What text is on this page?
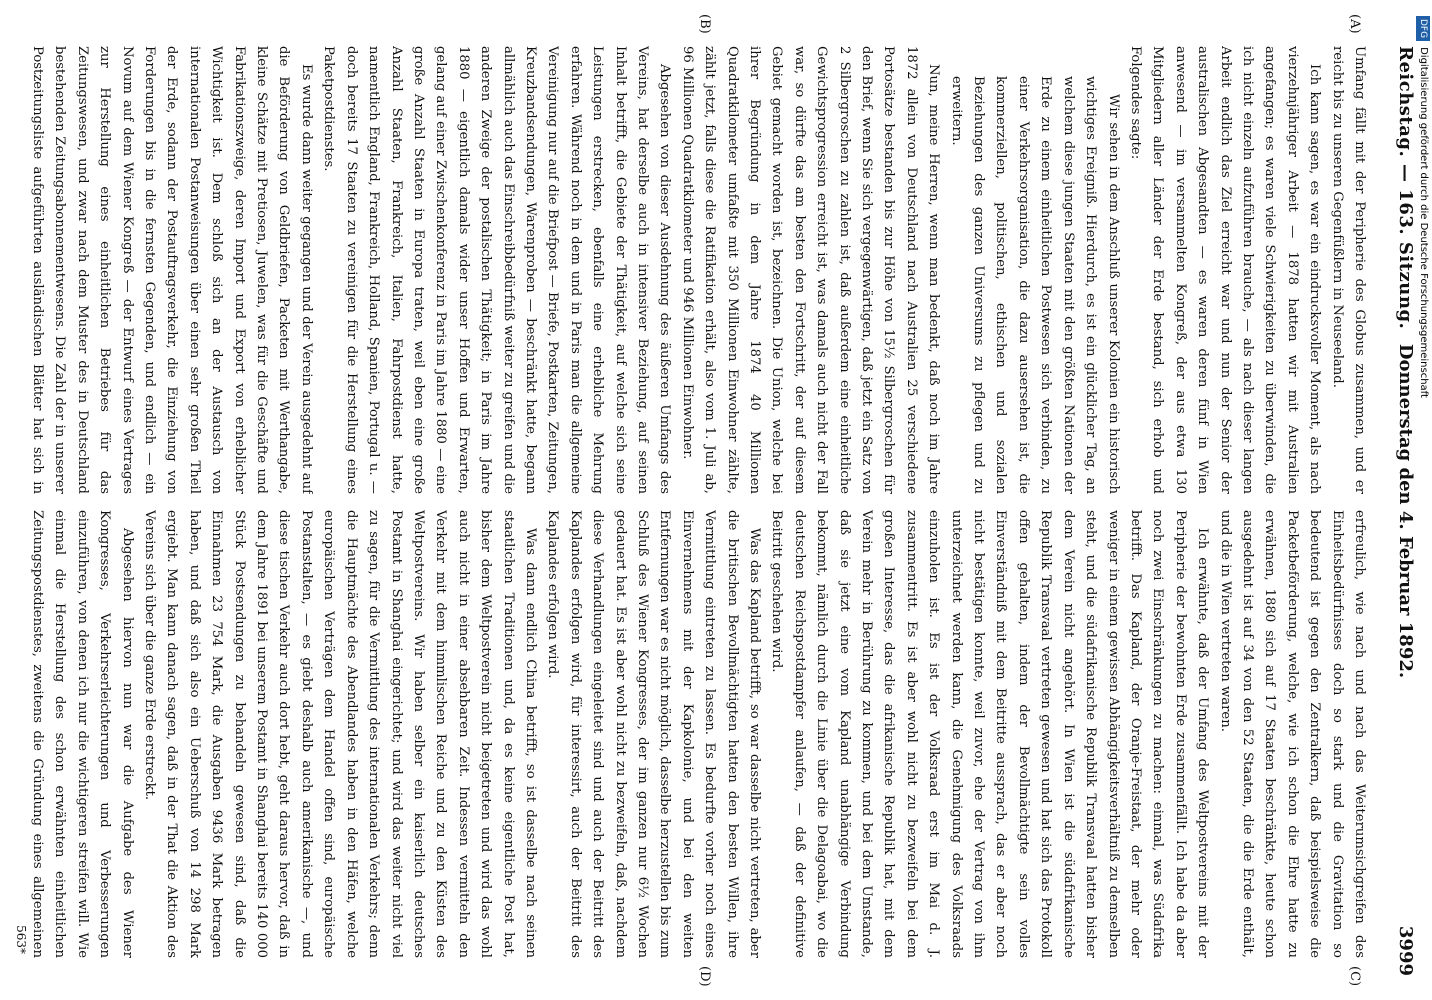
Reichstag. — 163. Sitzung.
Donnerstag den 4. Februar 1892.
3999
(A)
(B)
(C)
(D)

Umfang fällt mit der Peripherie des Globus zusammen, und er reicht bis zu unseren Gegenfüßlern in Neuseeland.

Ich kann sagen, es war ein eindrucksvoller Moment, als nach vierzehnjähriger Arbeit — 1878 hatten wir mit Australien angefangen; es waren viele Schwierigkeiten zu überwinden, die ich nicht einzeln aufzuführen brauche, — als nach dieser langen Arbeit endlich das Ziel erreicht war und nun der Senior der australischen Abgesandten — es waren deren fünf in Wien anwesend — im versammelten Kongreß, der aus etwa 130 Mitgliedern aller Länder der Erde bestand, sich erhob und Folgendes sagte:

Wir sehen in dem Anschluß unserer Kolonien ein historisch wichtiges Ereigniß. Hierdurch, es ist ein glücklicher Tag, an welchem diese jungen Staaten mit den größten Nationen der Erde zu einem einheitlichen Postwesen sich verbinden, zu einer Verkehrsorganisation, die dazu ausersehen ist, die kommerziellen, politischen, ethischen und sozialen Beziehungen des ganzen Universums zu pflegen und zu erweitern.

Nun, meine Herren, wenn man bedenkt, daß noch im Jahre 1872 allein von Deutschland nach Australien 25 verschiedene Portosätze bestanden bis zur Höhe von 15½ Silbergroschen für den Brief, wenn Sie sich vergegenwärtigen, daß jetzt ein Satz von 2 Silbergroschen zu zahlen ist, daß außerdem eine einheitliche Gewichtsprogression erreicht ist, was damals auch nicht der Fall war, so dürfte das am besten den Fortschritt, der auf diesem Gebiet gemacht worden ist, bezeichnen. Die Union, welche bei ihrer Begründung in dem Jahre 1874 40 Millionen Quadratkilometer umfaßte mit 350 Millionen Einwohner zählte, zählt jetzt, falls diese die Ratifikation erhält, also vom 1. Juli ab, 96 Millionen Quadratkilometer und 946 Millionen Einwohner.

Abgesehen von dieser Ausdehnung des äußeren Umfangs des Vereins, hat derselbe auch in intensiver Beziehung, auf seinen Inhalt betrifft, die Gebiete der Thätigkeit, auf welche sich seine Leistungen erstrecken, ebenfalls eine erhebliche Mehrung erfahren. Während noch in dem und in Paris man die allgemeine Vereinigung nur auf die Briefpost — Briefe, Postkarten, Zeitungen, Kreuzbandsendungen, Warenproben — beschränkt hatte, begann allmählich auch das Einschreibbedürfniß weiter zu greifen und die anderen Zweige der postalischen Thätigkeit; in Paris im Jahre 1880 — eigentlich damals wider unser Hoffen und Erwarten, gelang auf einer Zwischenkonferenz in Paris im Jahre 1880 — eine große Anzahl Staaten in Europa traten, weil eben eine große Anzahl Staaten, Frankreich, Italien, Fahrpostdienst hatte, namentlich England, Frankreich, Holland, Spanien, Portugal u. — doch bereits 17 Staaten zu vereinigen für die Herstellung eines Paketpostdienstes.

Es wurde dann weiter gegangen und der Verein ausgedehnt auf die Beförderung von Geldbriefen, Packeten mit Werthangabe, kleine Schätze mit Pretiosen, Juwelen, was für die Geschäfte und Fabrikationszweige, deren Import und Export von erheblicher Wichtigkeit ist. Dem schloß sich an der Austausch von internationalen Postanweisungen über einen sehr großen Theil der Erde, sodann der Postauftragsverkehr, die Einziehung von Forderungen bis in die fernsten Gegenden, und endlich — ein Novum auf dem Wiener Kongreß — der Entwurf eines Vertrages zur Herstellung eines einheitlichen Betriebes für das Zeitungswesen, und zwar nach dem Muster des in Deutschland bestehenden Zeitungsabonnementwesens. Die Zahl der in unserer Postzeitungsliste aufgeführten ausländischen Blätter hat sich in

erfreulich, wie nach und nach das Weiterumsichgreifen des Einheitsbedürfnisses doch so stark und die Gravitation so bedeutend ist gegen den Zentralkern, daß beispielsweise die Packetbeförderung, welche, wie ich schon die Ehre hatte zu erwähnen, 1880 sich auf 17 Staaten beschränkte, heute schon ausgedehnt ist auf 34 von den 52 Staaten, die die Erde enthält, und die in Wien vertreten waren.

Ich erwähnte, daß der Umfang des Weltpostvereins mit der Peripherie der bewohnten Erde zusammenfällt. Ich habe da aber noch zwei Einschränkungen zu machen: einmal, was Südafrika betrifft. Das Kapland, der Oranje-Freistaat, der mehr oder weniger in einem gewissen Abhängigkeitsverhältniß zu demselben steht, und die südafrikanische Republik Transvaal hatten bisher dem Verein nicht angehört. In Wien ist die südafrikanische Republik Transvaal vertreten gewesen und hat sich das Protokoll offen gehalten, indem der Bevollmächtigte sein volles Einverständniß mit dem Beitritte aussprach, das er aber noch nicht bestätigen konnte, weil zuvor, ehe der Vertrag von ihm unterzeichnet werden kann, die Genehmigung des Volksraads einzuholen ist. Es ist der Volksraad erst im Mai d. J. zusammentritt. Es ist aber wohl nicht zu bezweifeln bei dem großen Interesse, das die afrikanische Republik hat, mit dem Verein mehr in Berührung zu kommen, und bei dem Umstande, daß sie jetzt eine vom Kapland unabhängige Verbindung bekommt, nämlich durch die Linie über die Delagoabai, wo die deutschen Reichspostdampfer anlaufen, — daß der definitive Beitritt geschehen wird.

Was das Kapland betrifft, so war dasselbe nicht vertreten, aber die britischen Bevollmächtigten hatten den besten Willen, ihre Vermittlung eintreten zu lassen. Es bedurfte vorher noch eines Einvernehmens mit der Kapkolonie, und bei den weiten Entfernungen war es nicht möglich, dasselbe herzustellen bis zum Schluß des Wiener Kongresses, der im ganzen nur 6½ Wochen gedauert hat. Es ist aber wohl nicht zu bezweifeln, daß, nachdem diese Verhandlungen eingeleitet sind und auch der Beitritt des Kaplandes erfolgen wird, für interessirt, auch der Beitritt des Kaplandes erfolgen wird.

Was dann endlich China betrifft, so ist dasselbe nach seinen staatlichen Traditionen und, da es keine eigentliche Post hat, bisher dem Weltpostverein nicht beigetreten und wird das wohl auch nicht in einer absehbaren Zeit. Indessen vermitteln den Verkehr mit dem himmlischen Reiche und zu den Küsten des Weltpostvereins. Wir haben selber ein kaiserlich deutsches Postamt in Shanghai eingerichtet; und wird das weiter nicht viel zu sagen, für die Vermittlung des internationalen Verkehrs; denn die Hauptmächte des Abendlandes haben in den Häfen, welche europäischen Verträgen dem Handel offen sind, europäische Postanstalten, — es giebt deshalb auch amerikanische —, und diese tischen Verkehr auch dort hebt, geht daraus hervor, daß in dem Jahre 1891 bei unserem Postamt in Shanghai bereits 140 000 Stück Postsendungen zu behandeln gewesen sind, daß die Einnahmen 23 754 Mark, die Ausgaben 9436 Mark betragen haben, und daß sich also ein Ueberschuß von 14 298 Mark ergiebt. Man kann danach sagen, daß in der That die Aktion des Vereins sich über die ganze Erde erstreckt.

Abgesehen hiervon nun war die Aufgabe des Wiener Kongresses, Verkehrserleichterungen und Verbesserungen einzuführen, von denen ich nur die wichtigeren streifen will. Wie einmal die Herstellung des schon erwähnten einheitlichen Zeitungspostdienstes, zweitens die Gründung eines allgemeinen

563*
DFGDigitalisierung gefördert durch die Deutsche Forschungsgemeinschaft
